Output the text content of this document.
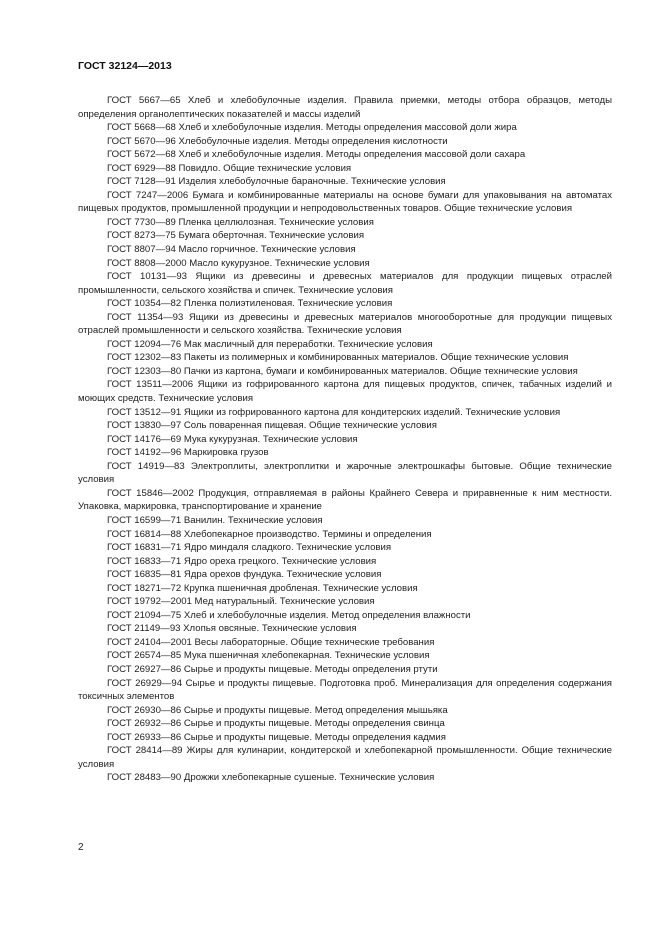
ГОСТ 32124—2013

ГОСТ 5667—65 Хлеб и хлебобулочные изделия. Правила приемки, методы отбора образцов, методы определения органолептических показателей и массы изделий

ГОСТ 5668—68 Хлеб и хлебобулочные изделия. Методы определения массовой доли жира

ГОСТ 5670—96 Хлебобулочные изделия. Методы определения кислотности

ГОСТ 5672—68 Хлеб и хлебобулочные изделия. Методы определения массовой доли сахара

ГОСТ 6929—88 Повидло. Общие технические условия

ГОСТ 7128—91 Изделия хлебобулочные бараночные. Технические условия

ГОСТ 7247—2006 Бумага и комбинированные материалы на основе бумаги для упаковывания на автоматах пищевых продуктов, промышленной продукции и непродовольственных товаров. Общие технические условия

ГОСТ 7730—89 Пленка целлюлозная. Технические условия

ГОСТ 8273—75 Бумага оберточная. Технические условия

ГОСТ 8807—94 Масло горчичное. Технические условия

ГОСТ 8808—2000 Масло кукурузное. Технические условия

ГОСТ 10131—93 Ящики из древесины и древесных материалов для продукции пищевых отраслей промышленности, сельского хозяйства и спичек. Технические условия

ГОСТ 10354—82 Пленка полиэтиленовая. Технические условия

ГОСТ 11354—93 Ящики из древесины и древесных материалов многооборотные для продукции пищевых отраслей промышленности и сельского хозяйства. Технические условия

ГОСТ 12094—76 Мак масличный для переработки. Технические условия

ГОСТ 12302—83 Пакеты из полимерных и комбинированных материалов. Общие технические условия

ГОСТ 12303—80 Пачки из картона, бумаги и комбинированных материалов. Общие технические условия

ГОСТ 13511—2006 Ящики из гофрированного картона для пищевых продуктов, спичек, табачных изделий и моющих средств. Технические условия

ГОСТ 13512—91 Ящики из гофрированного картона для кондитерских изделий. Технические условия

ГОСТ 13830—97 Соль поваренная пищевая. Общие технические условия

ГОСТ 14176—69 Мука кукурузная. Технические условия

ГОСТ 14192—96 Маркировка грузов

ГОСТ 14919—83 Электроплиты, электроплитки и жарочные электрошкафы бытовые. Общие технические условия

ГОСТ 15846—2002 Продукция, отправляемая в районы Крайнего Севера и приравненные к ним местности. Упаковка, маркировка, транспортирование и хранение

ГОСТ 16599—71 Ванилин. Технические условия

ГОСТ 16814—88 Хлебопекарное производство. Термины и определения

ГОСТ 16831—71 Ядро миндаля сладкого. Технические условия

ГОСТ 16833—71 Ядро ореха грецкого. Технические условия

ГОСТ 16835—81 Ядра орехов фундука. Технические условия

ГОСТ 18271—72 Крупка пшеничная дробленая. Технические условия

ГОСТ 19792—2001 Мед натуральный. Технические условия

ГОСТ 21094—75 Хлеб и хлебобулочные изделия. Метод определения влажности

ГОСТ 21149—93 Хлопья овсяные. Технические условия

ГОСТ 24104—2001 Весы лабораторные. Общие технические требования

ГОСТ 26574—85 Мука пшеничная хлебопекарная. Технические условия

ГОСТ 26927—86 Сырье и продукты пищевые. Методы определения ртути

ГОСТ 26929—94 Сырье и продукты пищевые. Подготовка проб. Минерализация для определения содержания токсичных элементов

ГОСТ 26930—86 Сырье и продукты пищевые. Метод определения мышьяка

ГОСТ 26932—86 Сырье и продукты пищевые. Методы определения свинца

ГОСТ 26933—86 Сырье и продукты пищевые. Методы определения кадмия

ГОСТ 28414—89 Жиры для кулинарии, кондитерской и хлебопекарной промышленности. Общие технические условия

ГОСТ 28483—90 Дрожжи хлебопекарные сушеные. Технические условия

2
